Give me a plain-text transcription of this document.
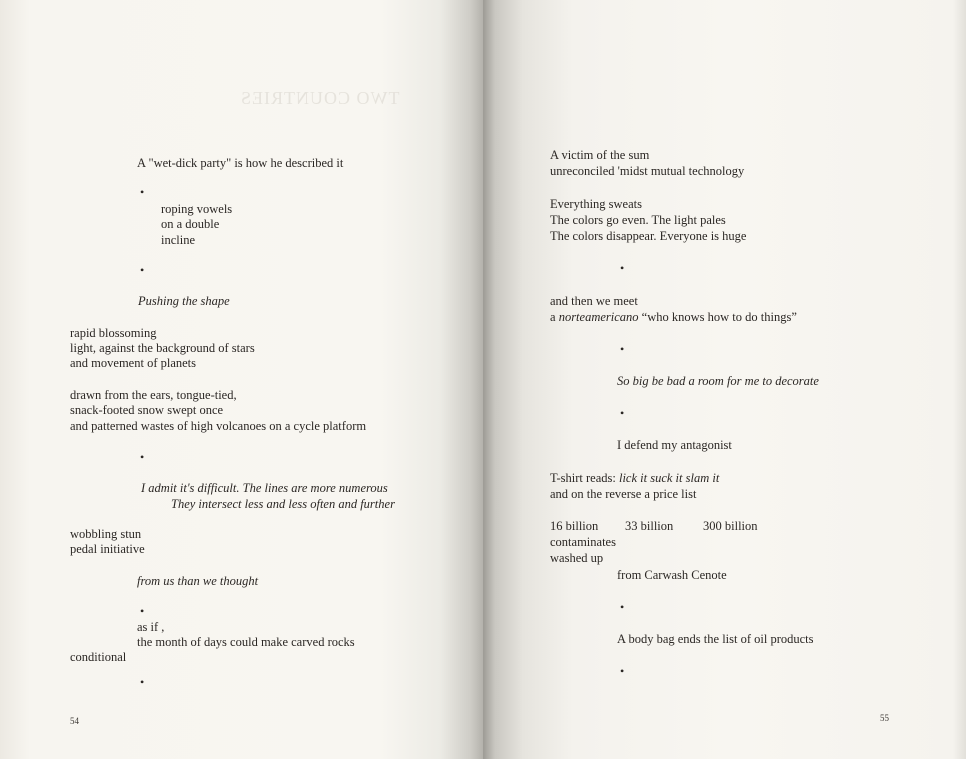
TWO COUNTRIES

A "wet-dick party" is how he described it

•

roping vowels

on a double

incline

•

Pushing the shape

rapid blossoming

light, against the background of stars

and movement of planets

drawn from the ears, tongue-tied,

snack-footed snow swept once

and patterned wastes of high volcanoes on a cycle platform

•

I admit it's difficult. The lines are more numerous

They intersect less and less often and further

wobbling stun

pedal initiative

from us than we thought

•

as if ,

the month of days could make carved rocks

conditional

•
54

A victim of the sum

unreconciled 'midst mutual technology

Everything sweats

The colors go even. The light pales

The colors disappear. Everyone is huge

•

and then we meet

a norteamericano “who knows how to do things”

•

So big be bad a room for me to decorate

•

I defend my antagonist

T-shirt reads: lick it suck it slam it

and on the reverse a price list

16 billion 33 billion 300 billion

contaminates

washed up

from Carwash Cenote

•

A body bag ends the list of oil products

•
55
